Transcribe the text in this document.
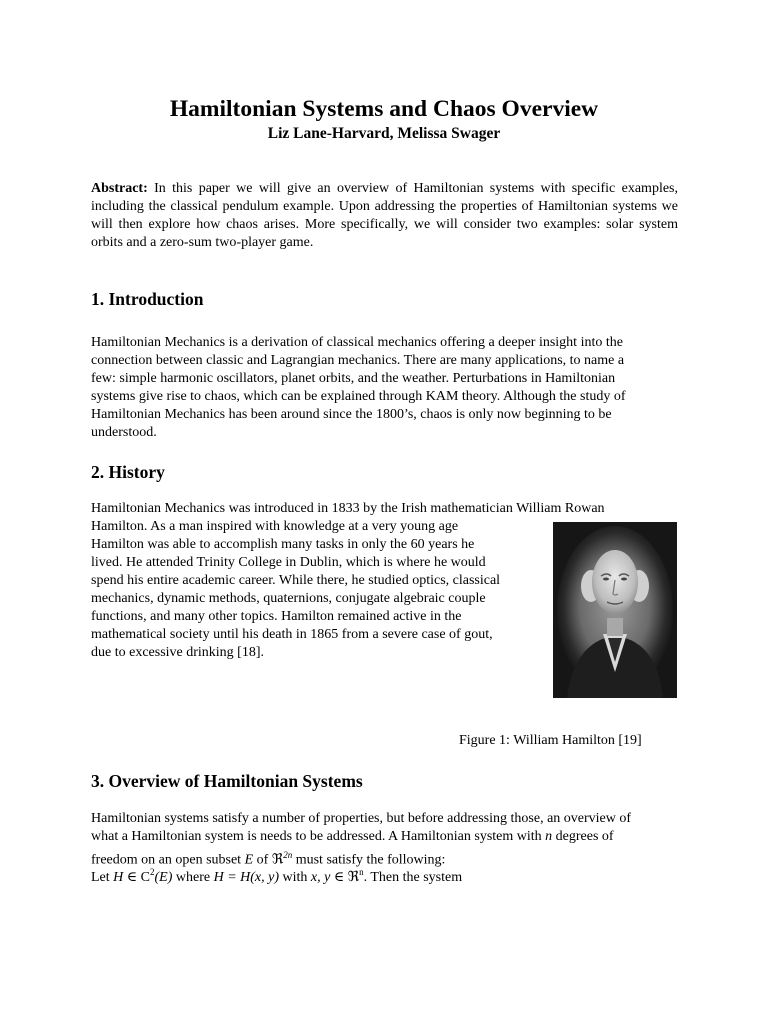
Hamiltonian Systems and Chaos Overview
Liz Lane-Harvard, Melissa Swager

Abstract: In this paper we will give an overview of Hamiltonian systems with specific examples, including the classical pendulum example. Upon addressing the properties of Hamiltonian systems we will then explore how chaos arises. More specifically, we will consider two examples: solar system orbits and a zero-sum two-player game.

1. Introduction
Hamiltonian Mechanics is a derivation of classical mechanics offering a deeper insight into the
connection between classic and Lagrangian mechanics. There are many applications, to name a
few: simple harmonic oscillators, planet orbits, and the weather. Perturbations in Hamiltonian
systems give rise to chaos, which can be explained through KAM theory. Although the study of
Hamiltonian Mechanics has been around since the 1800’s, chaos is only now beginning to be
understood.
2. History
Hamiltonian Mechanics was introduced in 1833 by the Irish mathematician William Rowan
Hamilton. As a man inspired with knowledge at a very young age
Hamilton was able to accomplish many tasks in only the 60 years he
lived. He attended Trinity College in Dublin, which is where he would
spend his entire academic career. While there, he studied optics, classical
mechanics, dynamic methods, quaternions, conjugate algebraic couple
functions, and many other topics. Hamilton remained active in the
mathematical society until his death in 1865 from a severe case of gout,
due to excessive drinking [18].

Figure 1: William Hamilton [19]

3. Overview of Hamiltonian Systems
Hamiltonian systems satisfy a number of properties, but before addressing those, an overview of
what a Hamiltonian system is needs to be addressed. A Hamiltonian system with n degrees of
freedom on an open subset E of ℜ$^{2n}$ must satisfy the following:
Let H ∈ $C^2(E)$ where H = H(x, y) with x, y ∈ ℜ$^n$. Then the system
